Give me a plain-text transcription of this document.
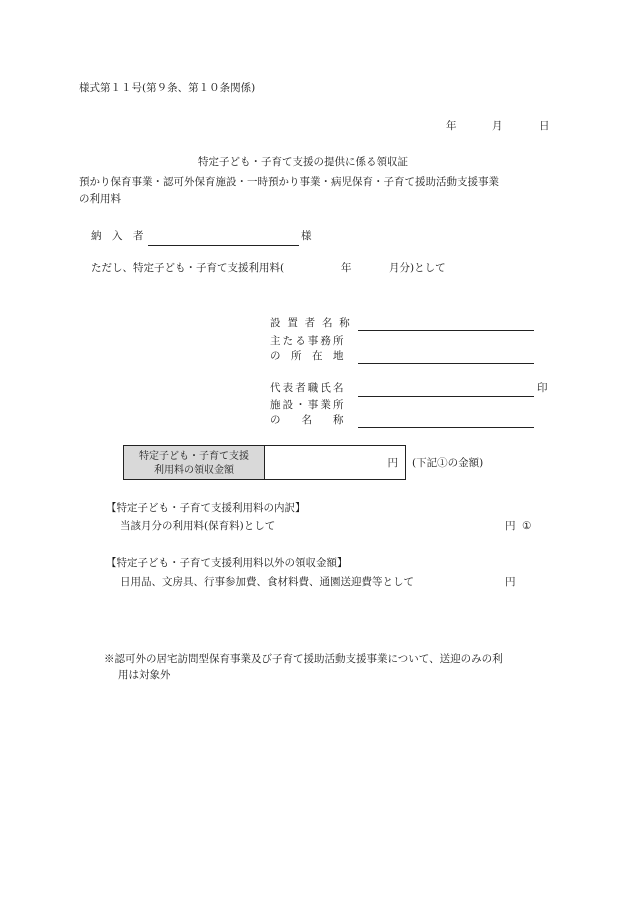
様式第１１号(第９条、第１０条関係)
年	月	日
特定子ども・子育て支援の提供に係る領収証
預かり保育事業・認可外保育施設・一時預かり事業・病児保育・子育て援助活動支援事業
の利用料
納　入　者	様
ただし、特定子ども・子育て支援利用料(	年	月分)として
設置者名称
主たる事務所
の　所　在　地
代表者職氏名	印
施設・事業所
の　　名　　称
特定子ども・子育て支援
利用料の領収金額
円 (下記①の金額)
【特定子ども・子育て支援利用料の内訳】
当該月分の利用料(保育料)として	円 ①
【特定子ども・子育て支援利用料以外の領収金額】
日用品、文房具、行事参加費、食材料費、通園送迎費等として	円
※認可外の居宅訪問型保育事業及び子育て援助活動支援事業について、送迎のみの利
用は対象外
